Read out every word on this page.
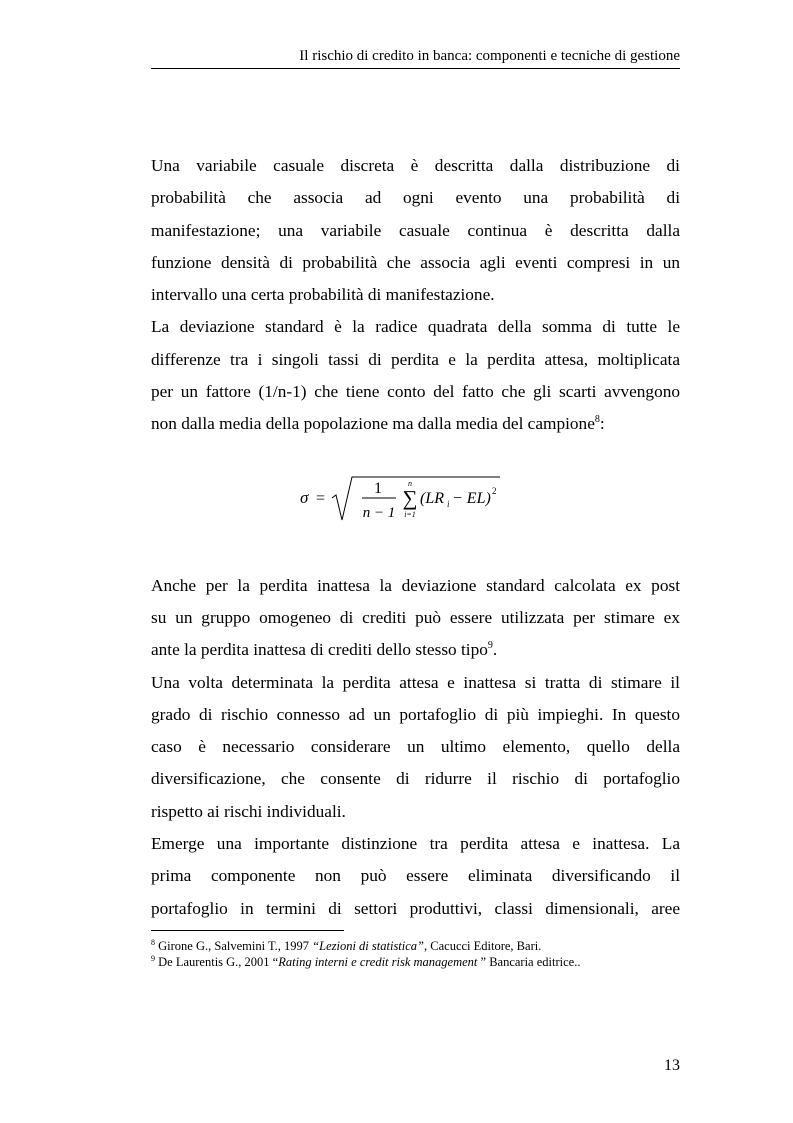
Il rischio di credito in banca: componenti e tecniche di gestione

Una variabile casuale discreta è descritta dalla distribuzione di
probabilità che associa ad ogni evento una probabilità di
manifestazione; una variabile casuale continua è descritta dalla
funzione densità di probabilità che associa agli eventi compresi in un
intervallo una certa probabilità di manifestazione.

La deviazione standard è la radice quadrata della somma di tutte le
differenze tra i singoli tassi di perdita e la perdita attesa, moltiplicata
per un fattore (1/n-1) che tiene conto del fatto che gli scarti avvengono
non dalla media della popolazione ma dalla media del campione$^8$:

Anche per la perdita inattesa la deviazione standard calcolata ex post
su un gruppo omogeneo di crediti può essere utilizzata per stimare ex
ante la perdita inattesa di crediti dello stesso tipo$^9$.

Una volta determinata la perdita attesa e inattesa si tratta di stimare il
grado di rischio connesso ad un portafoglio di più impieghi. In questo
caso è necessario considerare un ultimo elemento, quello della
diversificazione, che consente di ridurre il rischio di portafoglio
rispetto ai rischi individuali.

Emerge una importante distinzione tra perdita attesa e inattesa. La
prima componente non può essere eliminata diversificando il
portafoglio in termini di settori produttivi, classi dimensionali, aree

σ =
1
n − 1
n
∑
i=1
(LR i − EL) 2

$^8$ Girone G., Salvemini T., 1997 “Lezioni di statistica”, Cacucci Editore, Bari.

$^9$ De Laurentis G., 2001 “Rating interni e credit risk management ” Bancaria editrice..

13
